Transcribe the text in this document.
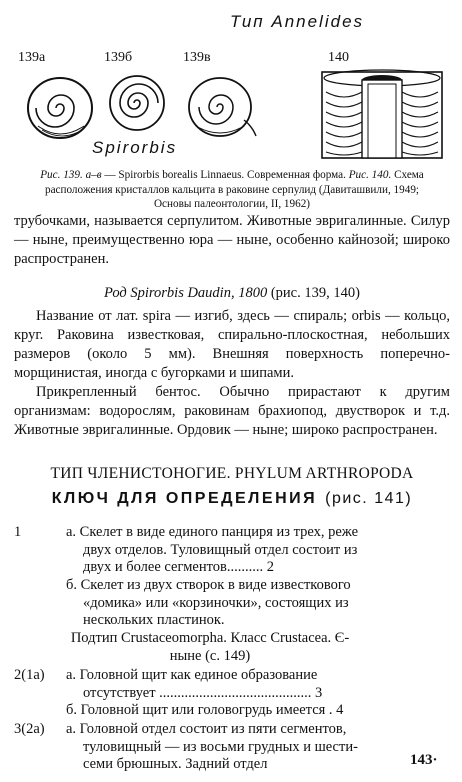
Тип Annelides
139а	139б	139в	140
Spirorbis
Рис. 139. а–в — Spirorbis borealis Linnaeus. Современная форма. Рис. 140. Схема
расположения кристаллов кальцита в раковине серпулид (Давиташвили, 1949;
Основы палеонтологии, II, 1962)
трубочками, называется серпулитом. Животные эвригалинные. Силур — ныне, преимущественно юра — ныне, особенно кайнозой; широко распространен.
Род Spirorbis Daudin, 1800 (рис. 139, 140)
Название от лат. spira — изгиб, здесь — спираль; orbis — кольцо, круг. Раковина известковая, спирально-плоскостная, небольших размеров (около 5 мм). Внешняя поверхность поперечно-морщинистая, иногда с бугорками и шипами.
Прикрепленный бентос. Обычно прирастают к другим организмам: водорослям, раковинам брахиопод, двустворок и т.д. Животные эвригалинные. Ордовик — ныне; широко распространен.
ТИП ЧЛЕНИСТОНОГИЕ. PHYLUM ARTHROPODA
КЛЮЧ ДЛЯ ОПРЕДЕЛЕНИЯ (рис. 141)
1	а. Скелет в виде единого панциря из трех, реже двух отделов. Туловищный отдел состоит из двух и более сегментов.......... 2
б. Скелет из двух створок в виде известкового «домика» или «корзиночки», состоящих из нескольких пластинок.
Подтип Crustaceomorpha. Класс Crustacea. Є-ныне (с. 149)
2(1а) а. Головной щит как единое образование отсутствует .......................................... 3
б. Головной щит или головогрудь имеется . 4
3(2а) а. Головной отдел состоит из пяти сегментов, туловищный — из восьми грудных и шести-семи брюшных. Задний отдел	143·
